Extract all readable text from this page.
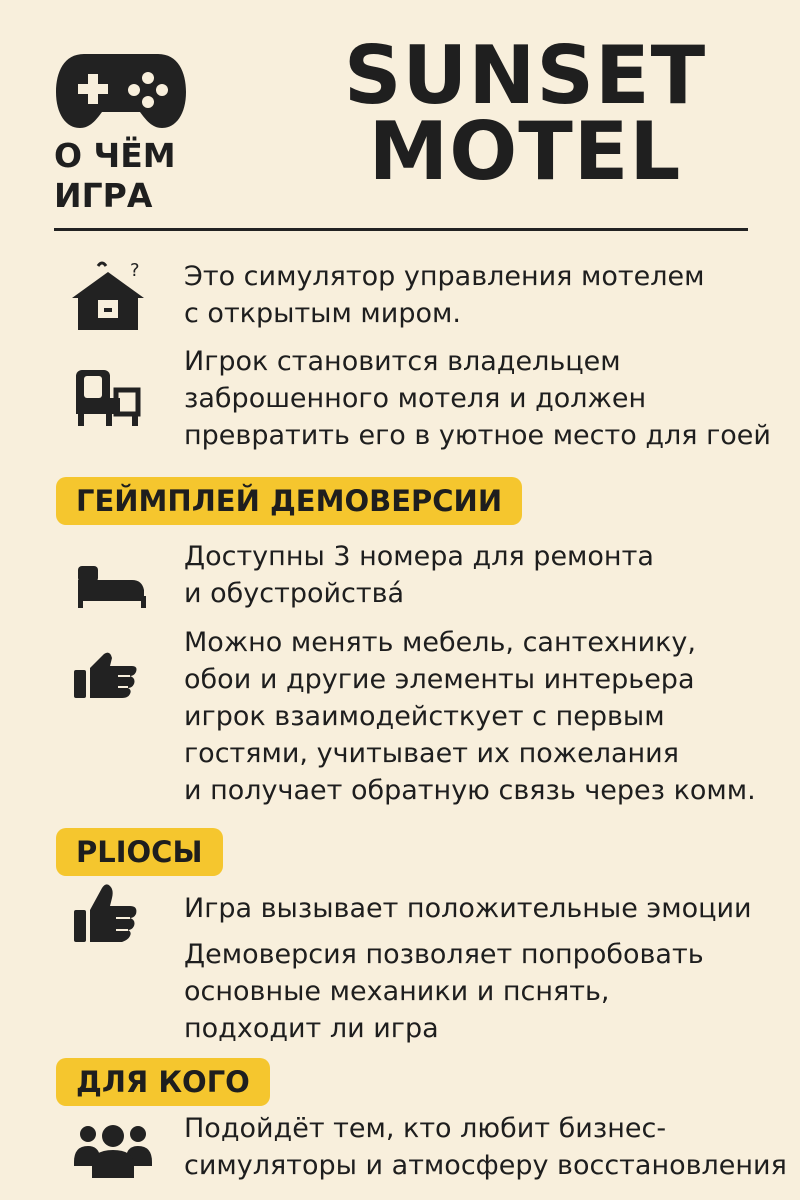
О ЧЁМ
ИГРА
SUNSET
MOTEL
? Это симулятор управления мотелем
с открытым миром.
Игрок становится владельцем
заброшенного мотеля и должен
превратить его в уютное место для гоей
ГЕЙМПЛЕЙ ДЕМОВЕРСИИ
Доступны 3 номера для ремонта
и обустройства́
Можно менять мебель, сантехнику,
обои и другие элементы интерьера
игрок взаимодейсткует с первым
гостями, учитывает их пожелания
и получает обратную связь через комм.
PLIOCЫ
Игра вызывает положительные эмоции
Демоверсия позволяет попробовать
основные механики и пcнять,
подходит ли игра
ДЛЯ КОГО
Подойдёт тем, кто любит бизнес-
симуляторы и атмосферу восстановления
